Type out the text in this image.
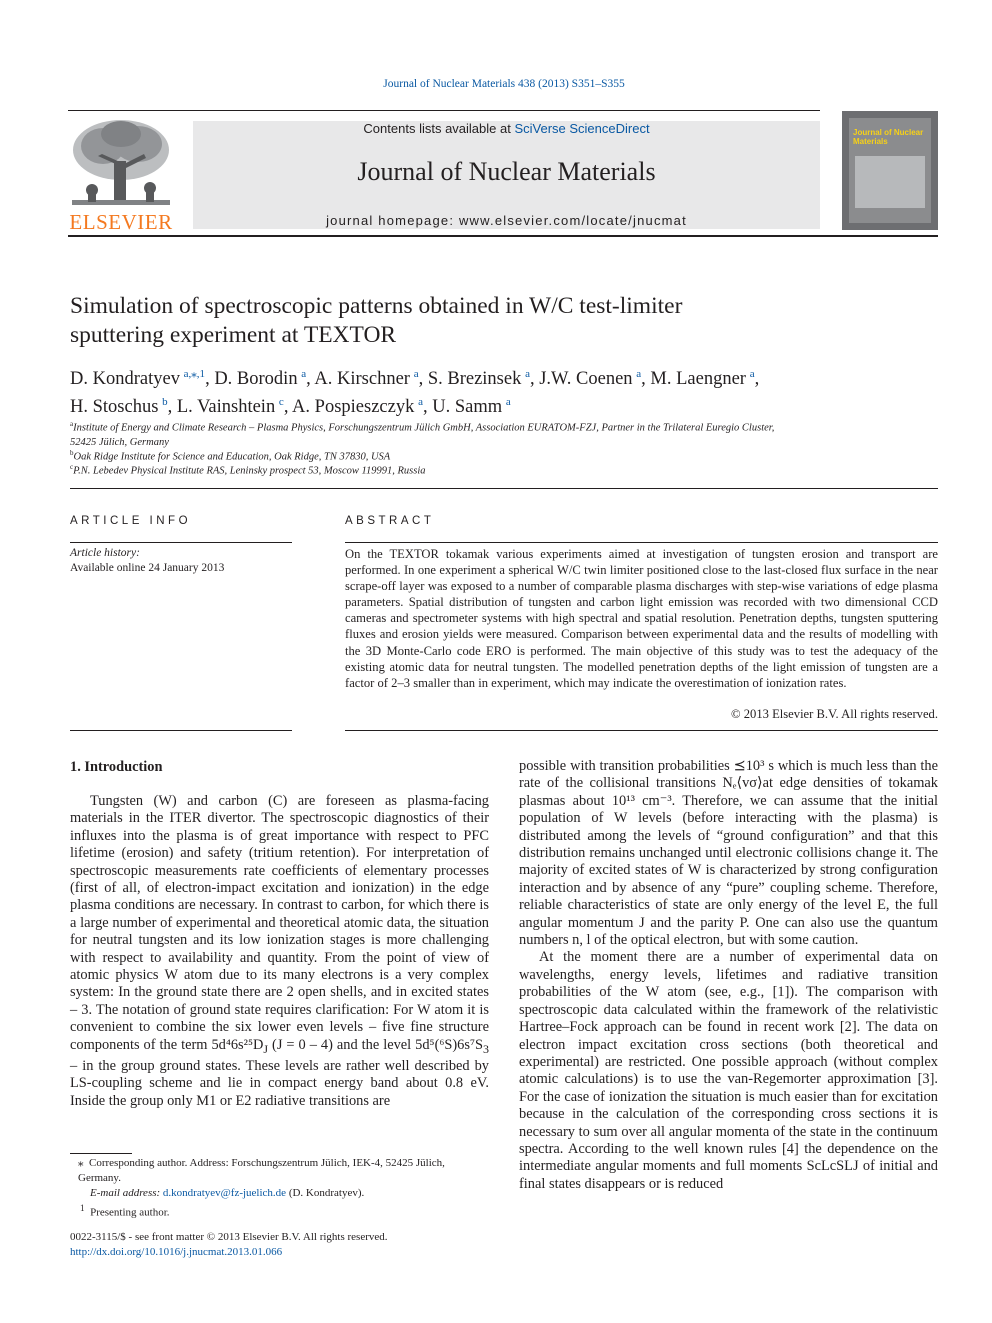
Journal of Nuclear Materials 438 (2013) S351–S355
ELSEVIER
Contents lists available at SciVerse ScienceDirect
Journal of Nuclear Materials
journal homepage: www.elsevier.com/locate/jnucmat
Journal of Nuclear Materials
Simulation of spectroscopic patterns obtained in W/C test-limiter
sputtering experiment at TEXTOR
D. Kondratyev  $^{a,⁎,1}$, D. Borodin  $^a$, A. Kirschner  $^a$, S. Brezinsek  $^a$, J.W. Coenen  $^a$, M. Laengner  $^a$,
H. Stoschus  $^b$, L. Vainshtein  $^c$, A. Pospieszczyk  $^a$, U. Samm  $^a$
$^a$Institute of Energy and Climate Research – Plasma Physics, Forschungszentrum Jülich GmbH, Association EURATOM-FZJ, Partner in the Trilateral Euregio Cluster,
52425 Jülich, Germany
$^b$Oak Ridge Institute for Science and Education, Oak Ridge, TN 37830, USA
$^c$P.N. Lebedev Physical Institute RAS, Leninsky prospect 53, Moscow 119991, Russia
ARTICLE INFO
Article history:
Available online 24 January 2013
ABSTRACT
On the TEXTOR tokamak various experiments aimed at investigation of tungsten erosion and transport are performed. In one experiment a spherical W/C twin limiter positioned close to the last-closed flux surface in the near scrape-off layer was exposed to a number of comparable plasma discharges with step-wise variations of edge plasma parameters. Spatial distribution of tungsten and carbon light emission was recorded with two dimensional CCD cameras and spectrometer systems with high spectral and spatial resolution. Penetration depths, tungsten sputtering fluxes and erosion yields were measured. Comparison between experimental data and the results of modelling with the 3D Monte-Carlo code ERO is performed. The main objective of this study was to test the adequacy of the existing atomic data for neutral tungsten. The modelled penetration depths of the light emission of tungsten are a factor of 2–3 smaller than in experiment, which may indicate the overestimation of ionization rates.
© 2013 Elsevier B.V. All rights reserved.
1. Introduction

Tungsten (W) and carbon (C) are foreseen as plasma-facing materials in the ITER divertor. The spectroscopic diagnostics of their influxes into the plasma is of great importance with respect to PFC lifetime (erosion) and safety (tritium retention). For interpretation of spectroscopic measurements rate coefficients of elementary processes (first of all, of electron-impact excitation and ionization) in the edge plasma conditions are necessary. In contrast to carbon, for which there is a large number of experimental and theoretical atomic data, the situation for neutral tungsten and its low ionization stages is more challenging with respect to availability and quantity. From the point of view of atomic physics W atom due to its many electrons is a very complex system: In the ground state there are 2 open shells, and in excited states – 3. The notation of ground state requires clarification: For W atom it is convenient to combine the six lower even levels – five fine structure components of the term $5d^46s^{25}D_J$ (J = 0 – 4) and the level $5d^5(^6S)6s^7S_3$ – in the group ground states. These levels are rather well described by LS-coupling scheme and lie in compact energy band about 0.8 eV. Inside the group only M1 or E2 radiative transitions are

possible with transition probabilities ⪯10³ s which is much less than the rate of the collisional transitions Nₑ⟨vσ⟩at edge densities of tokamak plasmas about 10¹³ cm⁻³. Therefore, we can assume that the initial population of W levels (before interacting with the plasma) is distributed among the levels of “ground configuration” and that this distribution remains unchanged until electronic collisions change it. The majority of excited states of W is characterized by strong configuration interaction and by absence of any “pure” coupling scheme. Therefore, reliable characteristics of state are only energy of the level E, the full angular momentum J and the parity P. One can also use the quantum numbers n, l of the optical electron, but with some caution.

At the moment there are a number of experimental data on wavelengths, energy levels, lifetimes and radiative transition probabilities of the W atom (see, e.g., [1]). The comparison with spectroscopic data calculated within the framework of the relativistic Hartree–Fock approach can be found in recent work [2]. The data on electron impact excitation cross sections (both theoretical and experimental) are restricted. One possible approach (without complex atomic calculations) is to use the van-Regemorter approximation [3]. For the case of ionization the situation is much easier than for excitation because in the calculation of the corresponding cross sections it is necessary to sum over all angular momenta of the state in the continuum spectra. According to the well known rules [4] the dependence on the intermediate angular moments and full moments ScLcSLJ of initial and final states disappears or is reduced

⁎ Corresponding author. Address: Forschungszentrum Jülich, IEK-4, 52425 Jülich,
Germany.
E-mail address: d.kondratyev@fz-juelich.de (D. Kondratyev).
$^1$ Presenting author.
0022-3115/$ - see front matter © 2013 Elsevier B.V. All rights reserved.
http://dx.doi.org/10.1016/j.jnucmat.2013.01.066
